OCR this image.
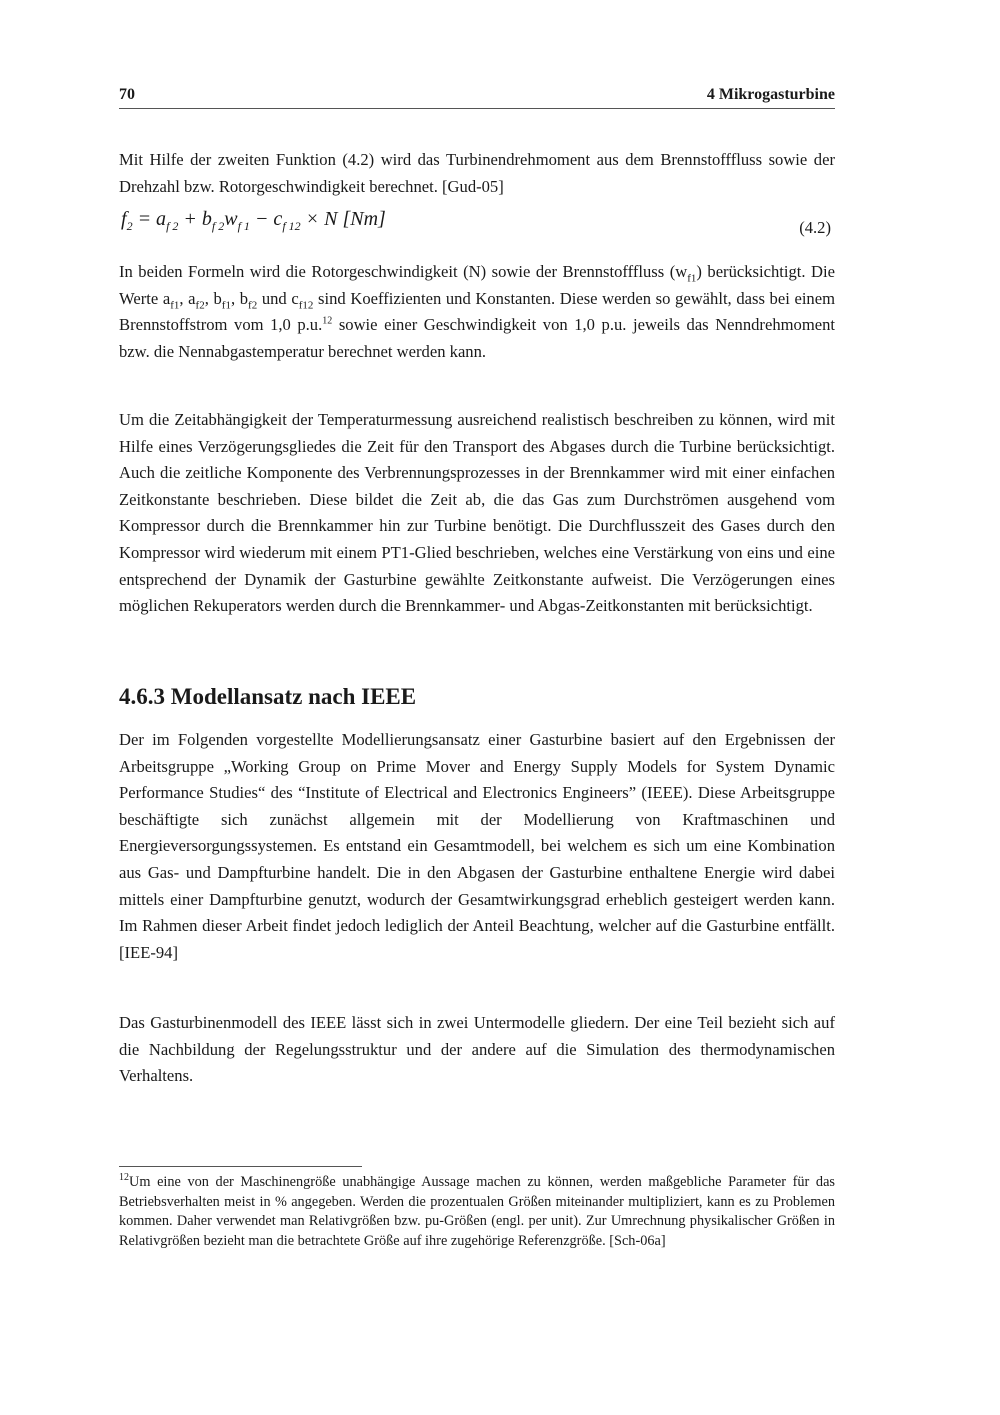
70	4 Mikrogasturbine

Mit Hilfe der zweiten Funktion (4.2) wird das Turbinendrehmoment aus dem Brennstofffluss sowie der Drehzahl bzw. Rotorgeschwindigkeit berechnet. [Gud-05]

$f_2 = a_{f 2} + b_{f 2}w_{f 1} - c_{f 12} \times N$ [Nm]	(4.2)

In beiden Formeln wird die Rotorgeschwindigkeit (N) sowie der Brennstofffluss $(w_{f1})$ berücksichtigt. Die Werte $a_{f1}$, $a_{f2}$, $b_{f1}$, $b_{f2}$ und $c_{f12}$ sind Koeffizienten und Konstanten. Diese werden so gewählt, dass bei einem Brennstoffstrom vom 1,0 p.u.$^{12}$ sowie einer Geschwindigkeit von 1,0 p.u. jeweils das Nenndrehmoment bzw. die Nennabgastemperatur berechnet werden kann.

Um die Zeitabhängigkeit der Temperaturmessung ausreichend realistisch beschreiben zu können, wird mit Hilfe eines Verzögerungsgliedes die Zeit für den Transport des Abgases durch die Turbine berücksichtigt. Auch die zeitliche Komponente des Verbrennungsprozesses in der Brennkammer wird mit einer einfachen Zeitkonstante beschrieben. Diese bildet die Zeit ab, die das Gas zum Durchströmen ausgehend vom Kompressor durch die Brennkammer hin zur Turbine benötigt. Die Durchflusszeit des Gases durch den Kompressor wird wiederum mit einem PT1-Glied beschrieben, welches eine Verstärkung von eins und eine entsprechend der Dynamik der Gasturbine gewählte Zeitkonstante aufweist. Die Verzögerungen eines möglichen Rekuperators werden durch die Brennkammer- und Abgas-Zeitkonstanten mit berücksichtigt.

4.6.3 Modellansatz nach IEEE

Der im Folgenden vorgestellte Modellierungsansatz einer Gasturbine basiert auf den Ergebnissen der Arbeitsgruppe „Working Group on Prime Mover and Energy Supply Models for System Dynamic Performance Studies“ des “Institute of Electrical and Electronics Engineers” (IEEE). Diese Arbeitsgruppe beschäftigte sich zunächst allgemein mit der Modellierung von Kraftmaschinen und Energieversorgungssystemen. Es entstand ein Gesamtmodell, bei welchem es sich um eine Kombination aus Gas- und Dampfturbine handelt. Die in den Abgasen der Gasturbine enthaltene Energie wird dabei mittels einer Dampfturbine genutzt, wodurch der Gesamtwirkungsgrad erheblich gesteigert werden kann. Im Rahmen dieser Arbeit findet jedoch lediglich der Anteil Beachtung, welcher auf die Gasturbine entfällt. [IEE-94]

Das Gasturbinenmodell des IEEE lässt sich in zwei Untermodelle gliedern. Der eine Teil bezieht sich auf die Nachbildung der Regelungsstruktur und der andere auf die Simulation des thermodynamischen Verhaltens.

$^{12}$Um eine von der Maschinengröße unabhängige Aussage machen zu können, werden maßgebliche Parameter für das Betriebsverhalten meist in % angegeben. Werden die prozentualen Größen miteinander multipliziert, kann es zu Problemen kommen. Daher verwendet man Relativgrößen bzw. pu-Größen (engl. per unit). Zur Umrechnung physikalischer Größen in Relativgrößen bezieht man die betrachtete Größe auf ihre zugehörige Referenzgröße. [Sch-06a]
